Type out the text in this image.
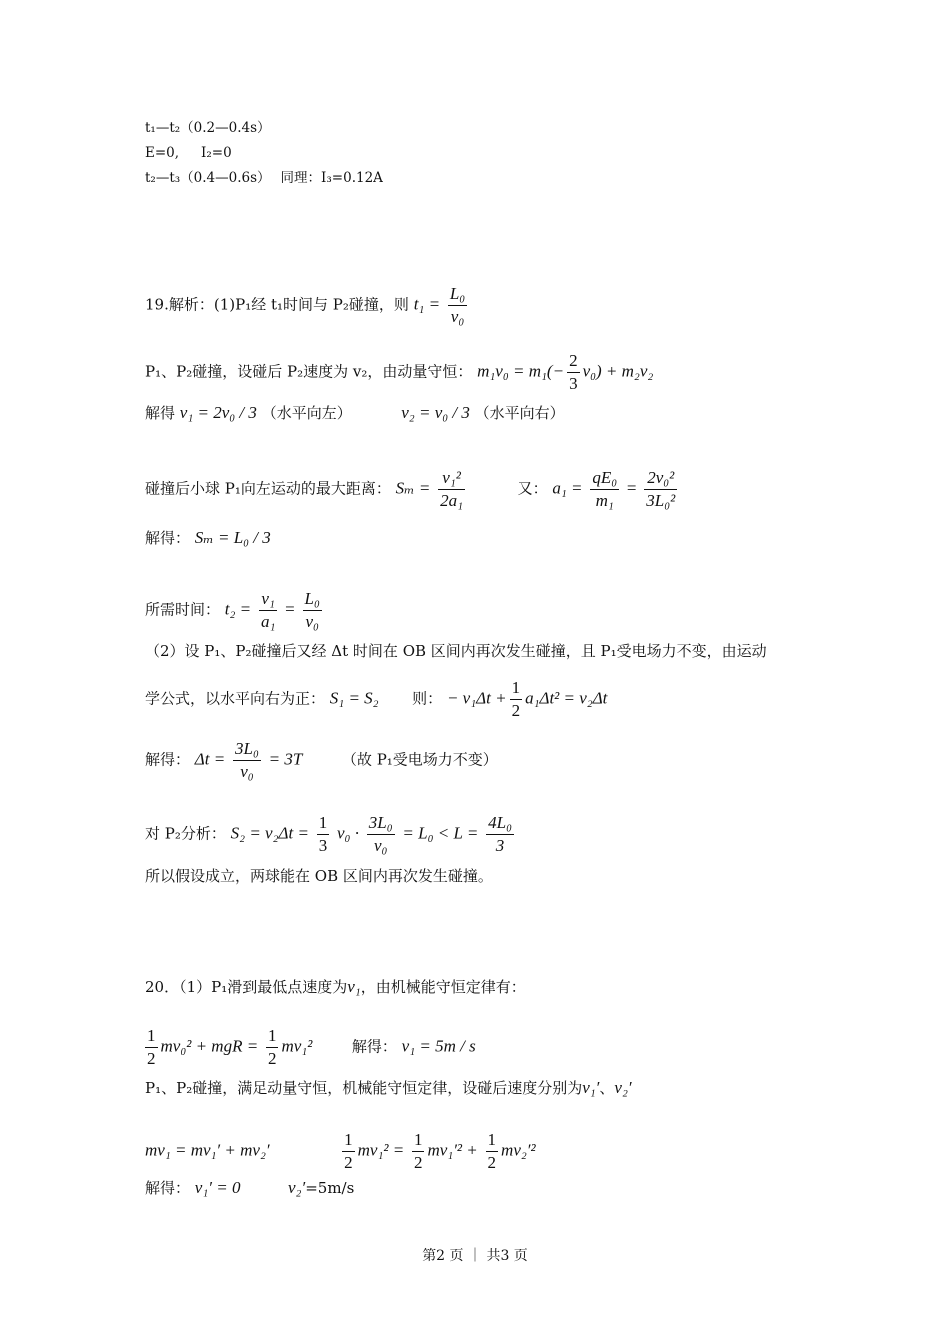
t₁—t₂（0.2—0.4s）
E=0, I₂=0
t₂—t₃（0.4—0.6s） 同理：I₃=0.12A
19.解析：(1)P₁经 t₁时间与 P₂碰撞，则 $t_1 = \frac{\text{L₀}}{\text{v₀}}$
P₁、P₂碰撞，设碰后 P₂速度为 v₂，由动量守恒： $m_1v_0 = m_1(- \frac{2}{3} v_0) + m_2v_2$
解得 v₁ = 2v₀ / 3 （水平向左）	v₂ = v₀ / 3 （水平向右）
碰撞后小球 P₁向左运动的最大距离： $S_m = \frac{\text{v₁²}}{\text{2a₁}}$	又： $a_1 = \frac{\text{qE₀}}{\text{m₁}} = \frac{\text{2v₀²}}{\text{3L₀²}}$
解得： Sₘ = L₀ / 3
所需时间： $t_2 = \frac{\text{v₁}}{\text{a₁}} = \frac{\text{L₀}}{\text{v₀}}$
（2）设 P₁、P₂碰撞后又经 Δt 时间在 OB 区间内再次发生碰撞，且 P₁受电场力不变，由运动
学公式，以水平向右为正： S₁ = S₂ 则： − $v_1\Delta t + \frac{1}{2} a_1\Delta t^2 = v_2\Delta t$
解得： $\Delta t = \frac{\text{3L₀}}{\text{v₀}} = 3T$	（故 P₁受电场力不变）
对 P₂分析： $S_2 = v_2\Delta t = \frac{1}{3} v_0 \cdot \frac{\text{3L₀}}{\text{v₀}} = L_0 < L = \frac{\text{4L₀}}{3}$
所以假设成立，两球能在 OB 区间内再次发生碰撞。
20．（1）P₁滑到最低点速度为v₁，由机械能守恒定律有：
$\frac{1}{2} mv_0^2$ + mgR = $\frac{1}{2} mv_1^2$	解得： v₁ = 5m / s
P₁、P₂碰撞，满足动量守恒，机械能守恒定律，设碰后速度分别为v₁′、v₂′
mv₁ = mv₁′ + mv₂′	$\frac{1}{2} mv_1^2 = \frac{1}{2} mv_1'^2 + \frac{1}{2} mv_2'^2$
解得： v₁′ = 0	v₂′=5m/s
第2 页 ｜ 共3 页
